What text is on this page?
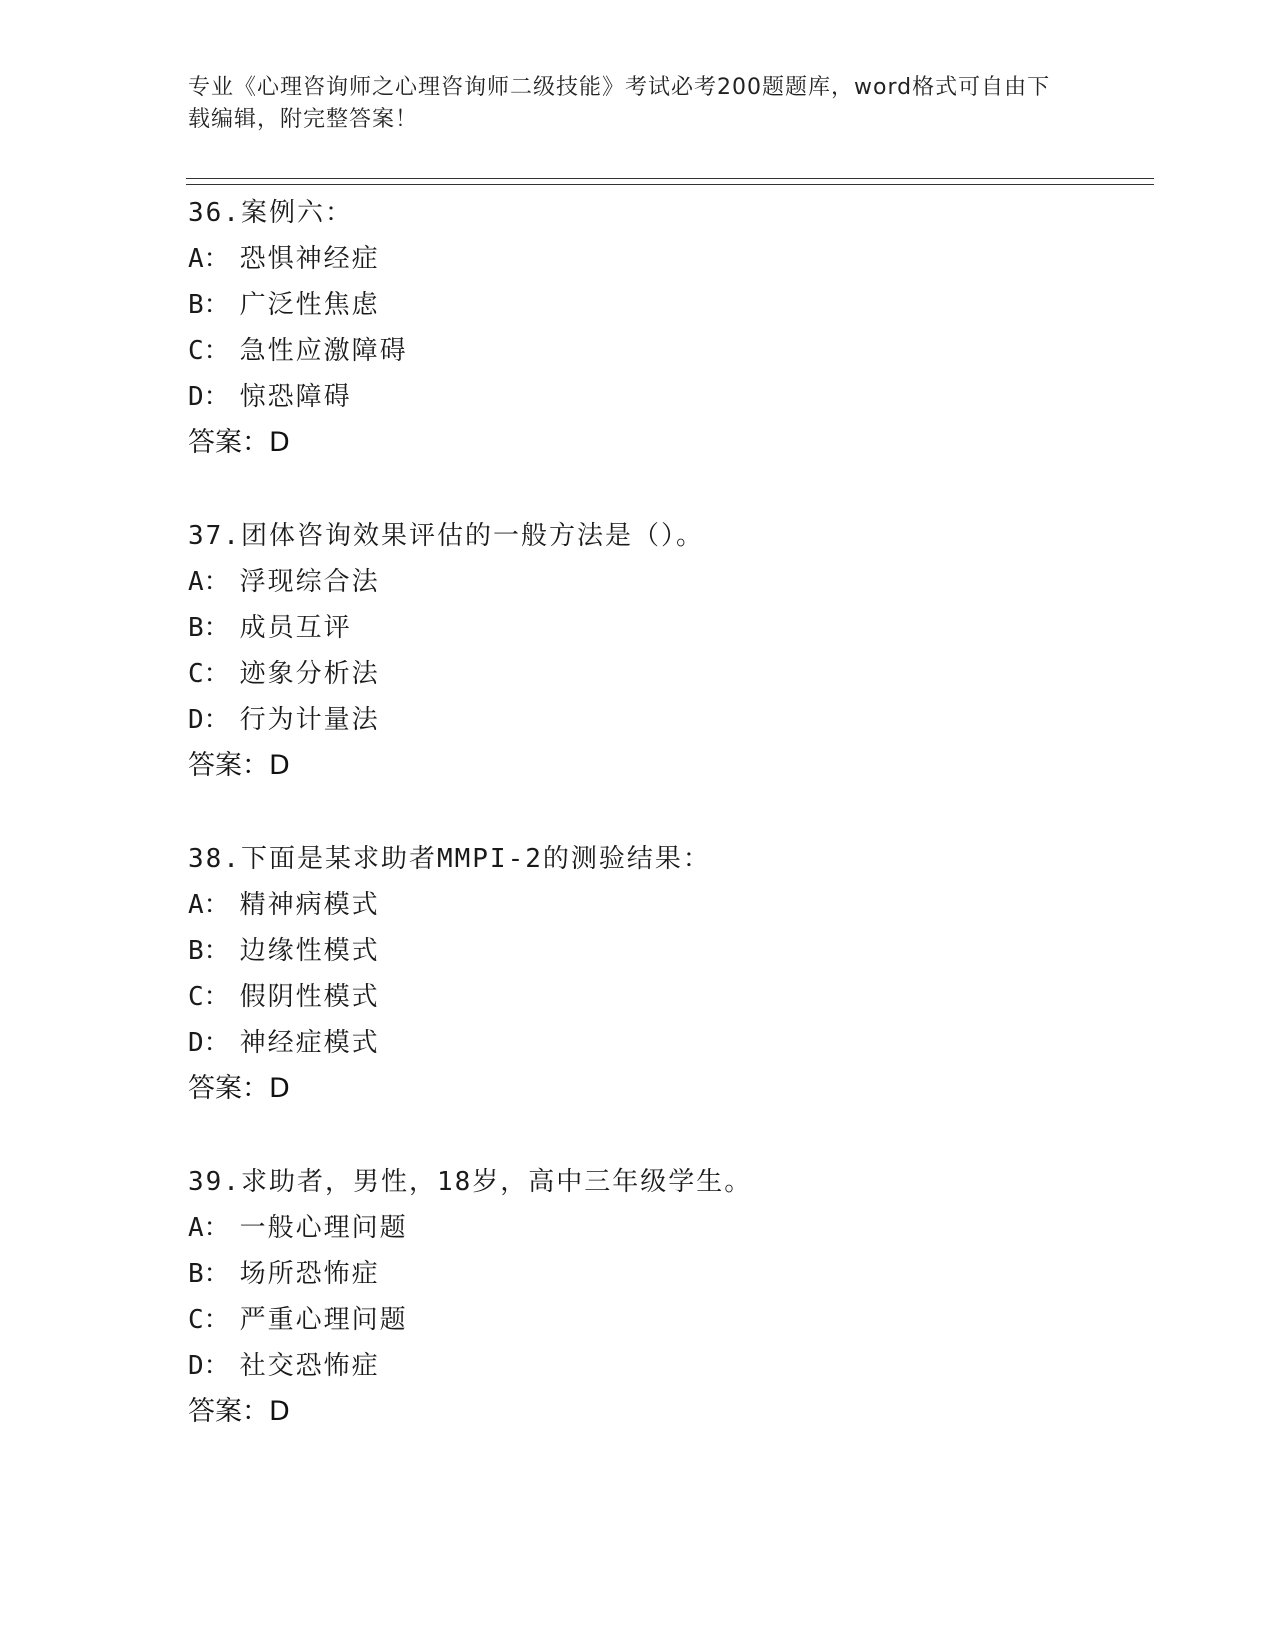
专业《心理咨询师之心理咨询师二级技能》考试必考200题题库，word格式可自由下载编辑，附完整答案！
36.案例六：
A： 恐惧神经症
B： 广泛性焦虑
C： 急性应激障碍
D： 惊恐障碍
答案：D
37.团体咨询效果评估的一般方法是（）。
A： 浮现综合法
B： 成员互评
C： 迹象分析法
D： 行为计量法
答案：D
38.下面是某求助者MMPI-2的测验结果：
A： 精神病模式
B： 边缘性模式
C： 假阴性模式
D： 神经症模式
答案：D
39.求助者，男性，18岁，高中三年级学生。
A： 一般心理问题
B： 场所恐怖症
C： 严重心理问题
D： 社交恐怖症
答案：D
